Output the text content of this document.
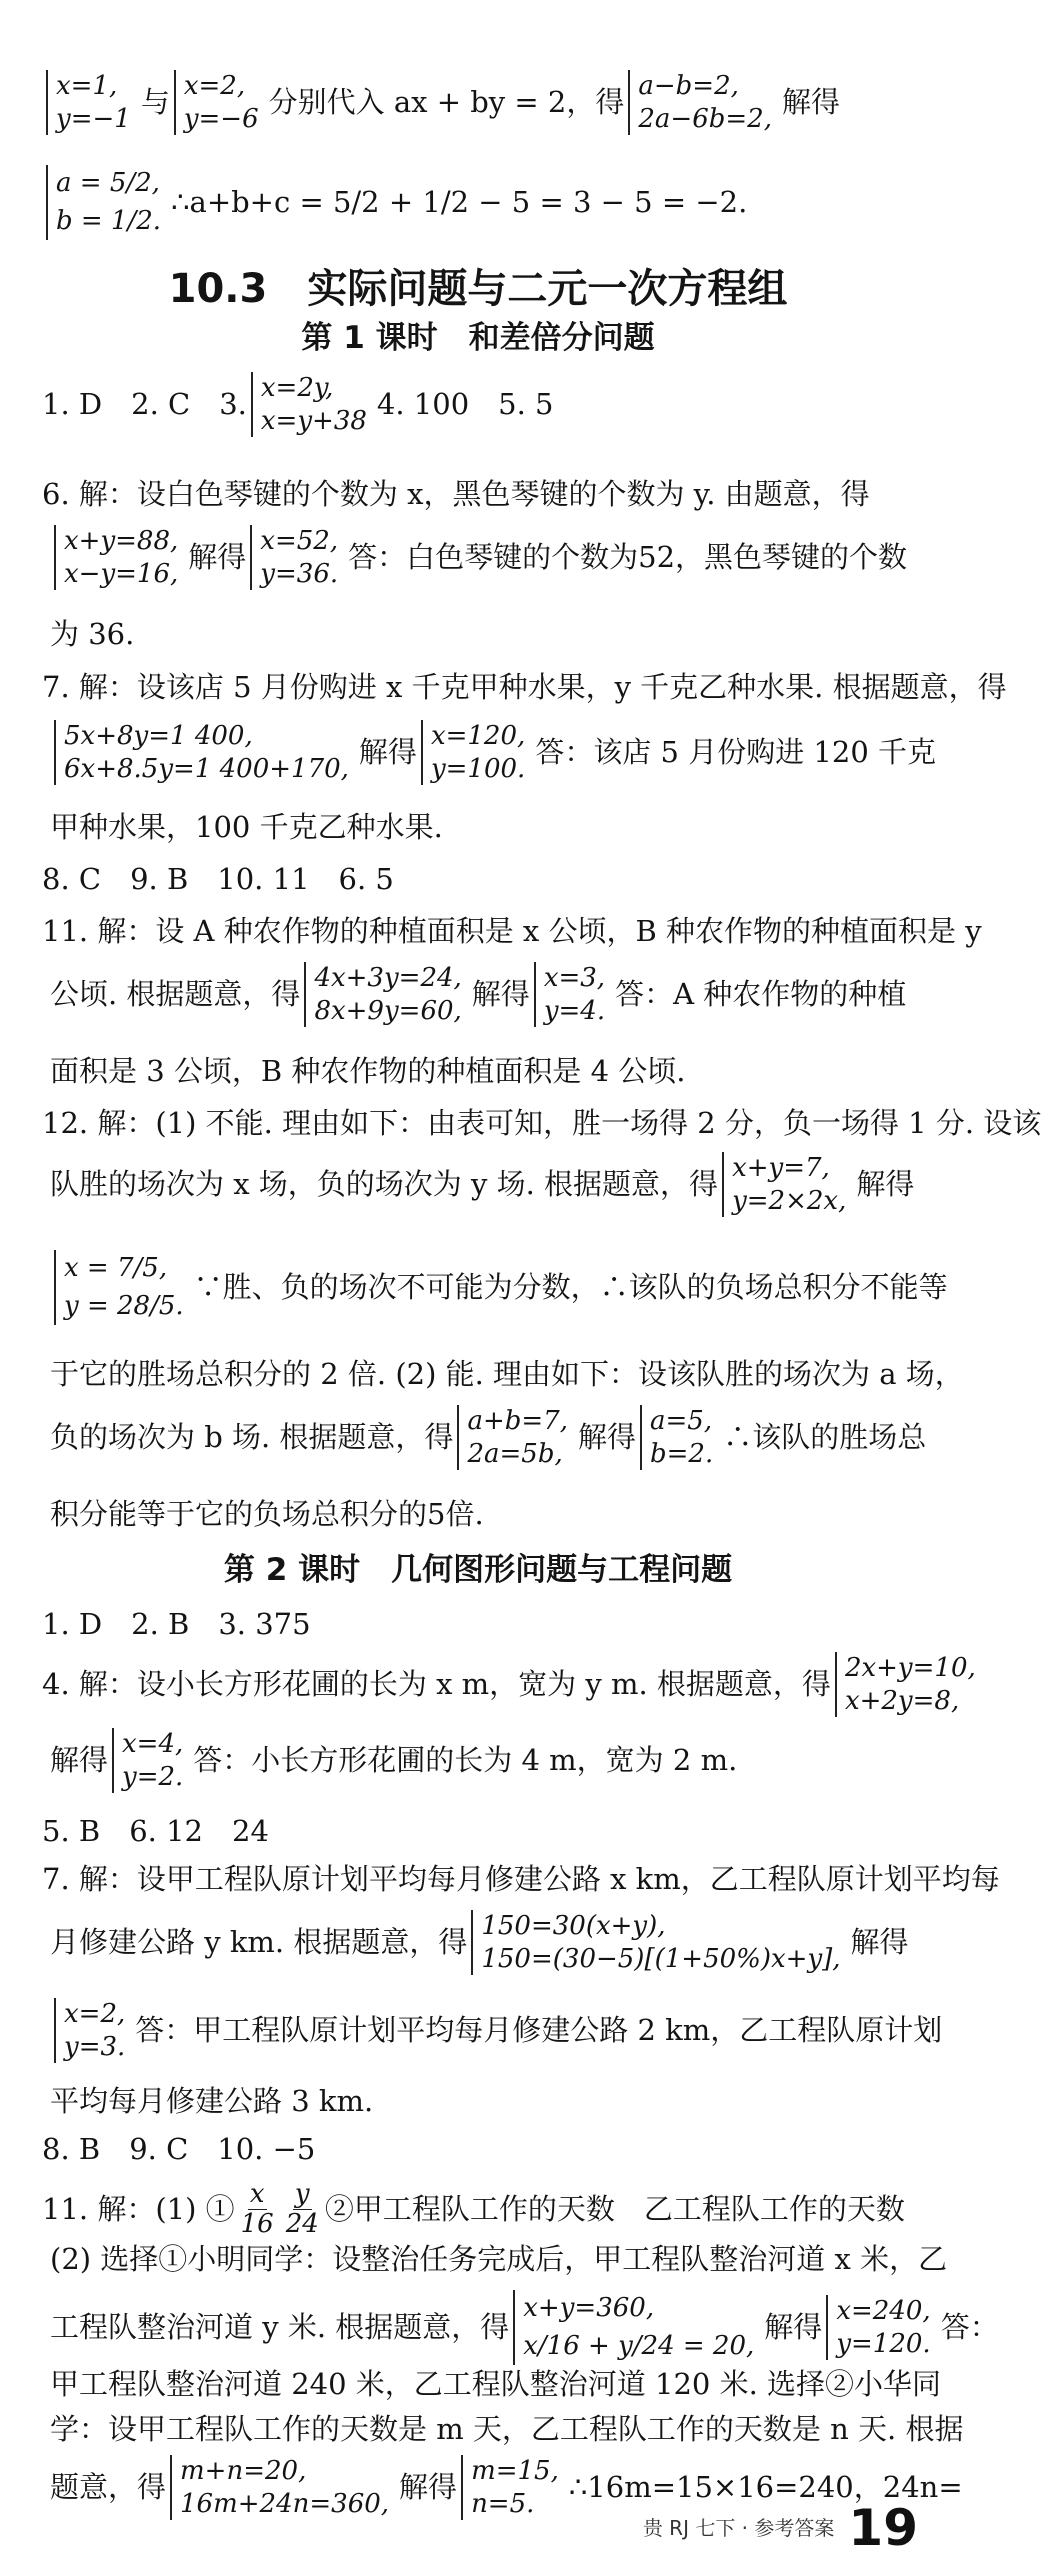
x=1,
y=−1 与 x=2,
y=−6 分别代入 ax + by = 2，得 a−b=2,
2a−6b=2, 解得
a = 5/2,
b = 1/2.
∴a+b+c = 5/2 + 1/2 − 5 = 3 − 5 = −2.
10.3　实际问题与二元一次方程组
第 1 课时　和差倍分问题
1. D　2. C　3. x=2y,
x=y+38 4. 100　5. 5
6. 解：设白色琴键的个数为 x，黑色琴键的个数为 y. 由题意，得
x+y=88,
x−y=16, 解得 x=52,
y=36. 答：白色琴键的个数为52，黑色琴键的个数
为 36.
7. 解：设该店 5 月份购进 x 千克甲种水果，y 千克乙种水果. 根据题意，得
5x+8y=1 400,
6x+8.5y=1 400+170, 解得 x=120,
y=100. 答：该店 5 月份购进 120 千克
甲种水果，100 千克乙种水果.
8. C　9. B　10. 11　6. 5
11. 解：设 A 种农作物的种植面积是 x 公顷，B 种农作物的种植面积是 y
公顷. 根据题意，得 4x+3y=24,
8x+9y=60, 解得 x=3,
y=4. 答：A 种农作物的种植
面积是 3 公顷，B 种农作物的种植面积是 4 公顷.
12. 解：(1) 不能. 理由如下：由表可知，胜一场得 2 分，负一场得 1 分. 设该
队胜的场次为 x 场，负的场次为 y 场. 根据题意，得 x+y=7,
y=2×2x, 解得
x = 7/5,
y = 28/5.
∵胜、负的场次不可能为分数，∴该队的负场总积分不能等
于它的胜场总积分的 2 倍. (2) 能. 理由如下：设该队胜的场次为 a 场，
负的场次为 b 场. 根据题意，得 a+b=7,
2a=5b, 解得 a=5,
b=2. ∴该队的胜场总
积分能等于它的负场总积分的5倍.
第 2 课时　几何图形问题与工程问题
1. D　2. B　3. 375
4. 解：设小长方形花圃的长为 x m，宽为 y m. 根据题意，得 2x+y=10,
x+2y=8,
解得 x=4,
y=2. 答：小长方形花圃的长为 4 m，宽为 2 m.
5. B　6. 12　24
7. 解：设甲工程队原计划平均每月修建公路 x km，乙工程队原计划平均每
月修建公路 y km. 根据题意，得 150=30(x+y),
150=(30−5)[(1+50%)x+y], 解得
x=2,
y=3. 答：甲工程队原计划平均每月修建公路 2 km，乙工程队原计划
平均每月修建公路 3 km.
8. B　9. C　10. −5
11. 解：(1) ① $\frac{x}{16} \frac{y}{24}$ ②甲工程队工作的天数　乙工程队工作的天数
(2) 选择①小明同学：设整治任务完成后，甲工程队整治河道 x 米，乙
工程队整治河道 y 米. 根据题意，得
x+y=360,
x/16 + y/24 = 20,
解得 x=240,
y=120. 答：
甲工程队整治河道 240 米，乙工程队整治河道 120 米. 选择②小华同
学：设甲工程队工作的天数是 m 天，乙工程队工作的天数是 n 天. 根据
题意，得 m+n=20,
16m+24n=360, 解得 m=15,
n=5.	∴16m=15×16=240，24n=
贵 RJ 七下 · 参考答案 19
